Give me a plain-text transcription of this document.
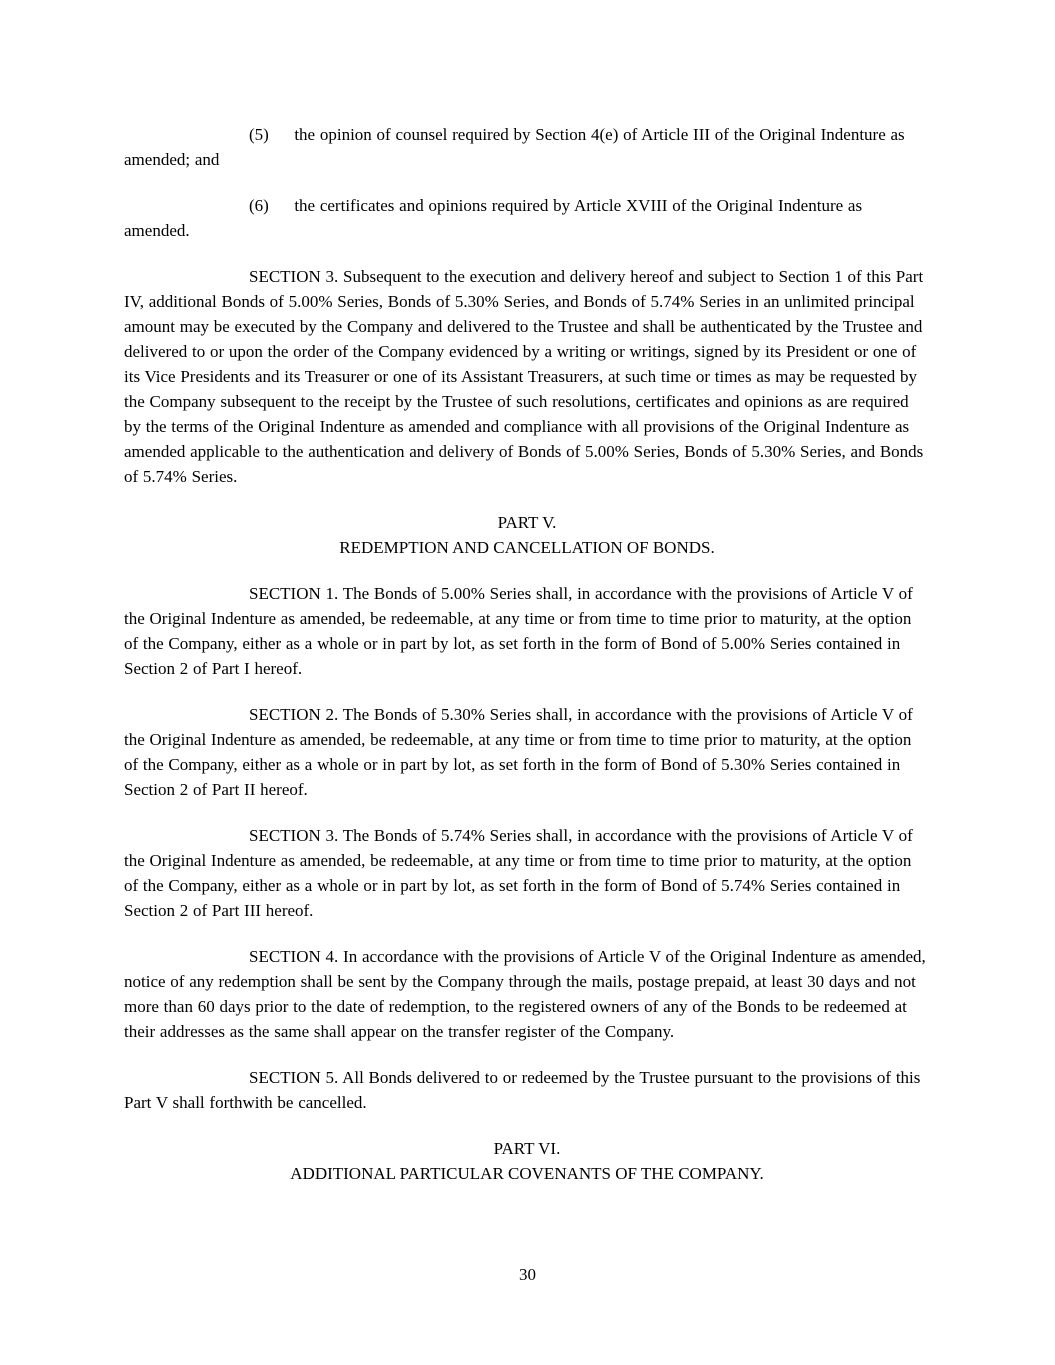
(5)  the opinion of counsel required by Section 4(e) of Article III of the Original Indenture as amended; and

(6)  the certificates and opinions required by Article XVIII of the Original Indenture as amended.

SECTION 3. Subsequent to the execution and delivery hereof and subject to Section 1 of this Part IV, additional Bonds of 5.00% Series, Bonds of 5.30% Series, and Bonds of 5.74% Series in an unlimited principal amount may be executed by the Company and delivered to the Trustee and shall be authenticated by the Trustee and delivered to or upon the order of the Company evidenced by a writing or writings, signed by its President or one of its Vice Presidents and its Treasurer or one of its Assistant Treasurers, at such time or times as may be requested by the Company subsequent to the receipt by the Trustee of such resolutions, certificates and opinions as are required by the terms of the Original Indenture as amended and compliance with all provisions of the Original Indenture as amended applicable to the authentication and delivery of Bonds of 5.00% Series, Bonds of 5.30% Series, and Bonds of 5.74% Series.

PART V.
REDEMPTION AND CANCELLATION OF BONDS.

SECTION 1. The Bonds of 5.00% Series shall, in accordance with the provisions of Article V of the Original Indenture as amended, be redeemable, at any time or from time to time prior to maturity, at the option of the Company, either as a whole or in part by lot, as set forth in the form of Bond of 5.00% Series contained in Section 2 of Part I hereof.

SECTION 2. The Bonds of 5.30% Series shall, in accordance with the provisions of Article V of the Original Indenture as amended, be redeemable, at any time or from time to time prior to maturity, at the option of the Company, either as a whole or in part by lot, as set forth in the form of Bond of 5.30% Series contained in Section 2 of Part II hereof.

SECTION 3. The Bonds of 5.74% Series shall, in accordance with the provisions of Article V of the Original Indenture as amended, be redeemable, at any time or from time to time prior to maturity, at the option of the Company, either as a whole or in part by lot, as set forth in the form of Bond of 5.74% Series contained in Section 2 of Part III hereof.

SECTION 4. In accordance with the provisions of Article V of the Original Indenture as amended, notice of any redemption shall be sent by the Company through the mails, postage prepaid, at least 30 days and not more than 60 days prior to the date of redemption, to the registered owners of any of the Bonds to be redeemed at their addresses as the same shall appear on the transfer register of the Company.

SECTION 5. All Bonds delivered to or redeemed by the Trustee pursuant to the provisions of this Part V shall forthwith be cancelled.

PART VI.
ADDITIONAL PARTICULAR COVENANTS OF THE COMPANY.
30
